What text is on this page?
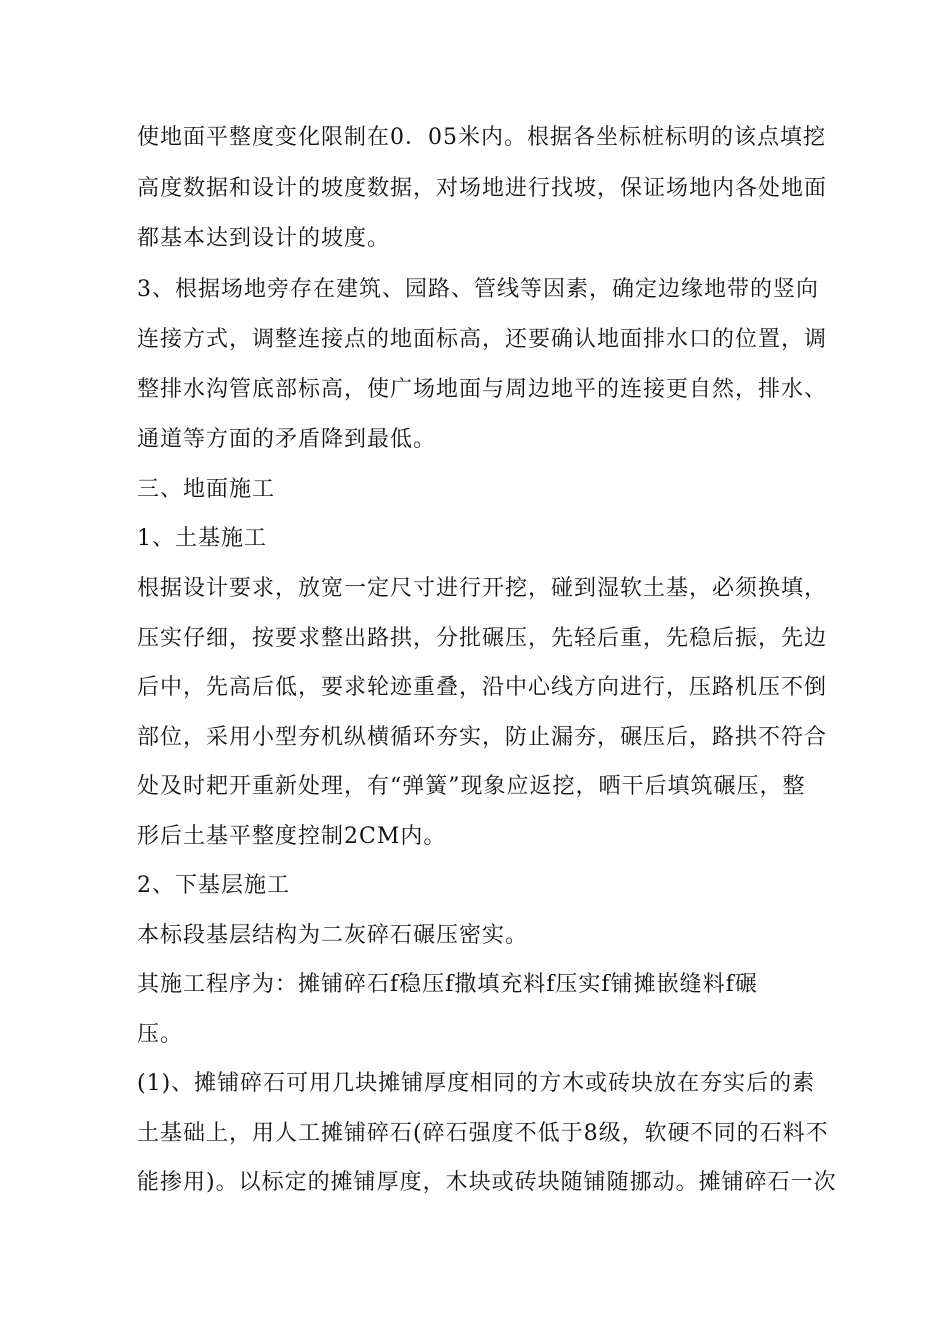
使地面平整度变化限制在0．05米内。根据各坐标桩标明的该点填挖
高度数据和设计的坡度数据，对场地进行找坡，保证场地内各处地面
都基本达到设计的坡度。
3、根据场地旁存在建筑、园路、管线等因素，确定边缘地带的竖向
连接方式，调整连接点的地面标高，还要确认地面排水口的位置，调
整排水沟管底部标高，使广场地面与周边地平的连接更自然，排水、
通道等方面的矛盾降到最低。
三、地面施工
1、土基施工
根据设计要求，放宽一定尺寸进行开挖，碰到湿软土基，必须换填，
压实仔细，按要求整出路拱，分批碾压，先轻后重，先稳后振，先边
后中，先高后低，要求轮迹重叠，沿中心线方向进行，压路机压不倒
部位，采用小型夯机纵横循环夯实，防止漏夯，碾压后，路拱不符合
处及时耙开重新处理，有“弹簧”现象应返挖，晒干后填筑碾压，整
形后土基平整度控制2CM内。
2、下基层施工
本标段基层结构为二灰碎石碾压密实。
其施工程序为：摊铺碎石f稳压f撒填充料f压实f铺摊嵌缝料f碾
压。
(1)、摊铺碎石可用几块摊铺厚度相同的方木或砖块放在夯实后的素
土基础上，用人工摊铺碎石(碎石强度不低于8级，软硬不同的石料不
能掺用)。以标定的摊铺厚度，木块或砖块随铺随挪动。摊铺碎石一次
